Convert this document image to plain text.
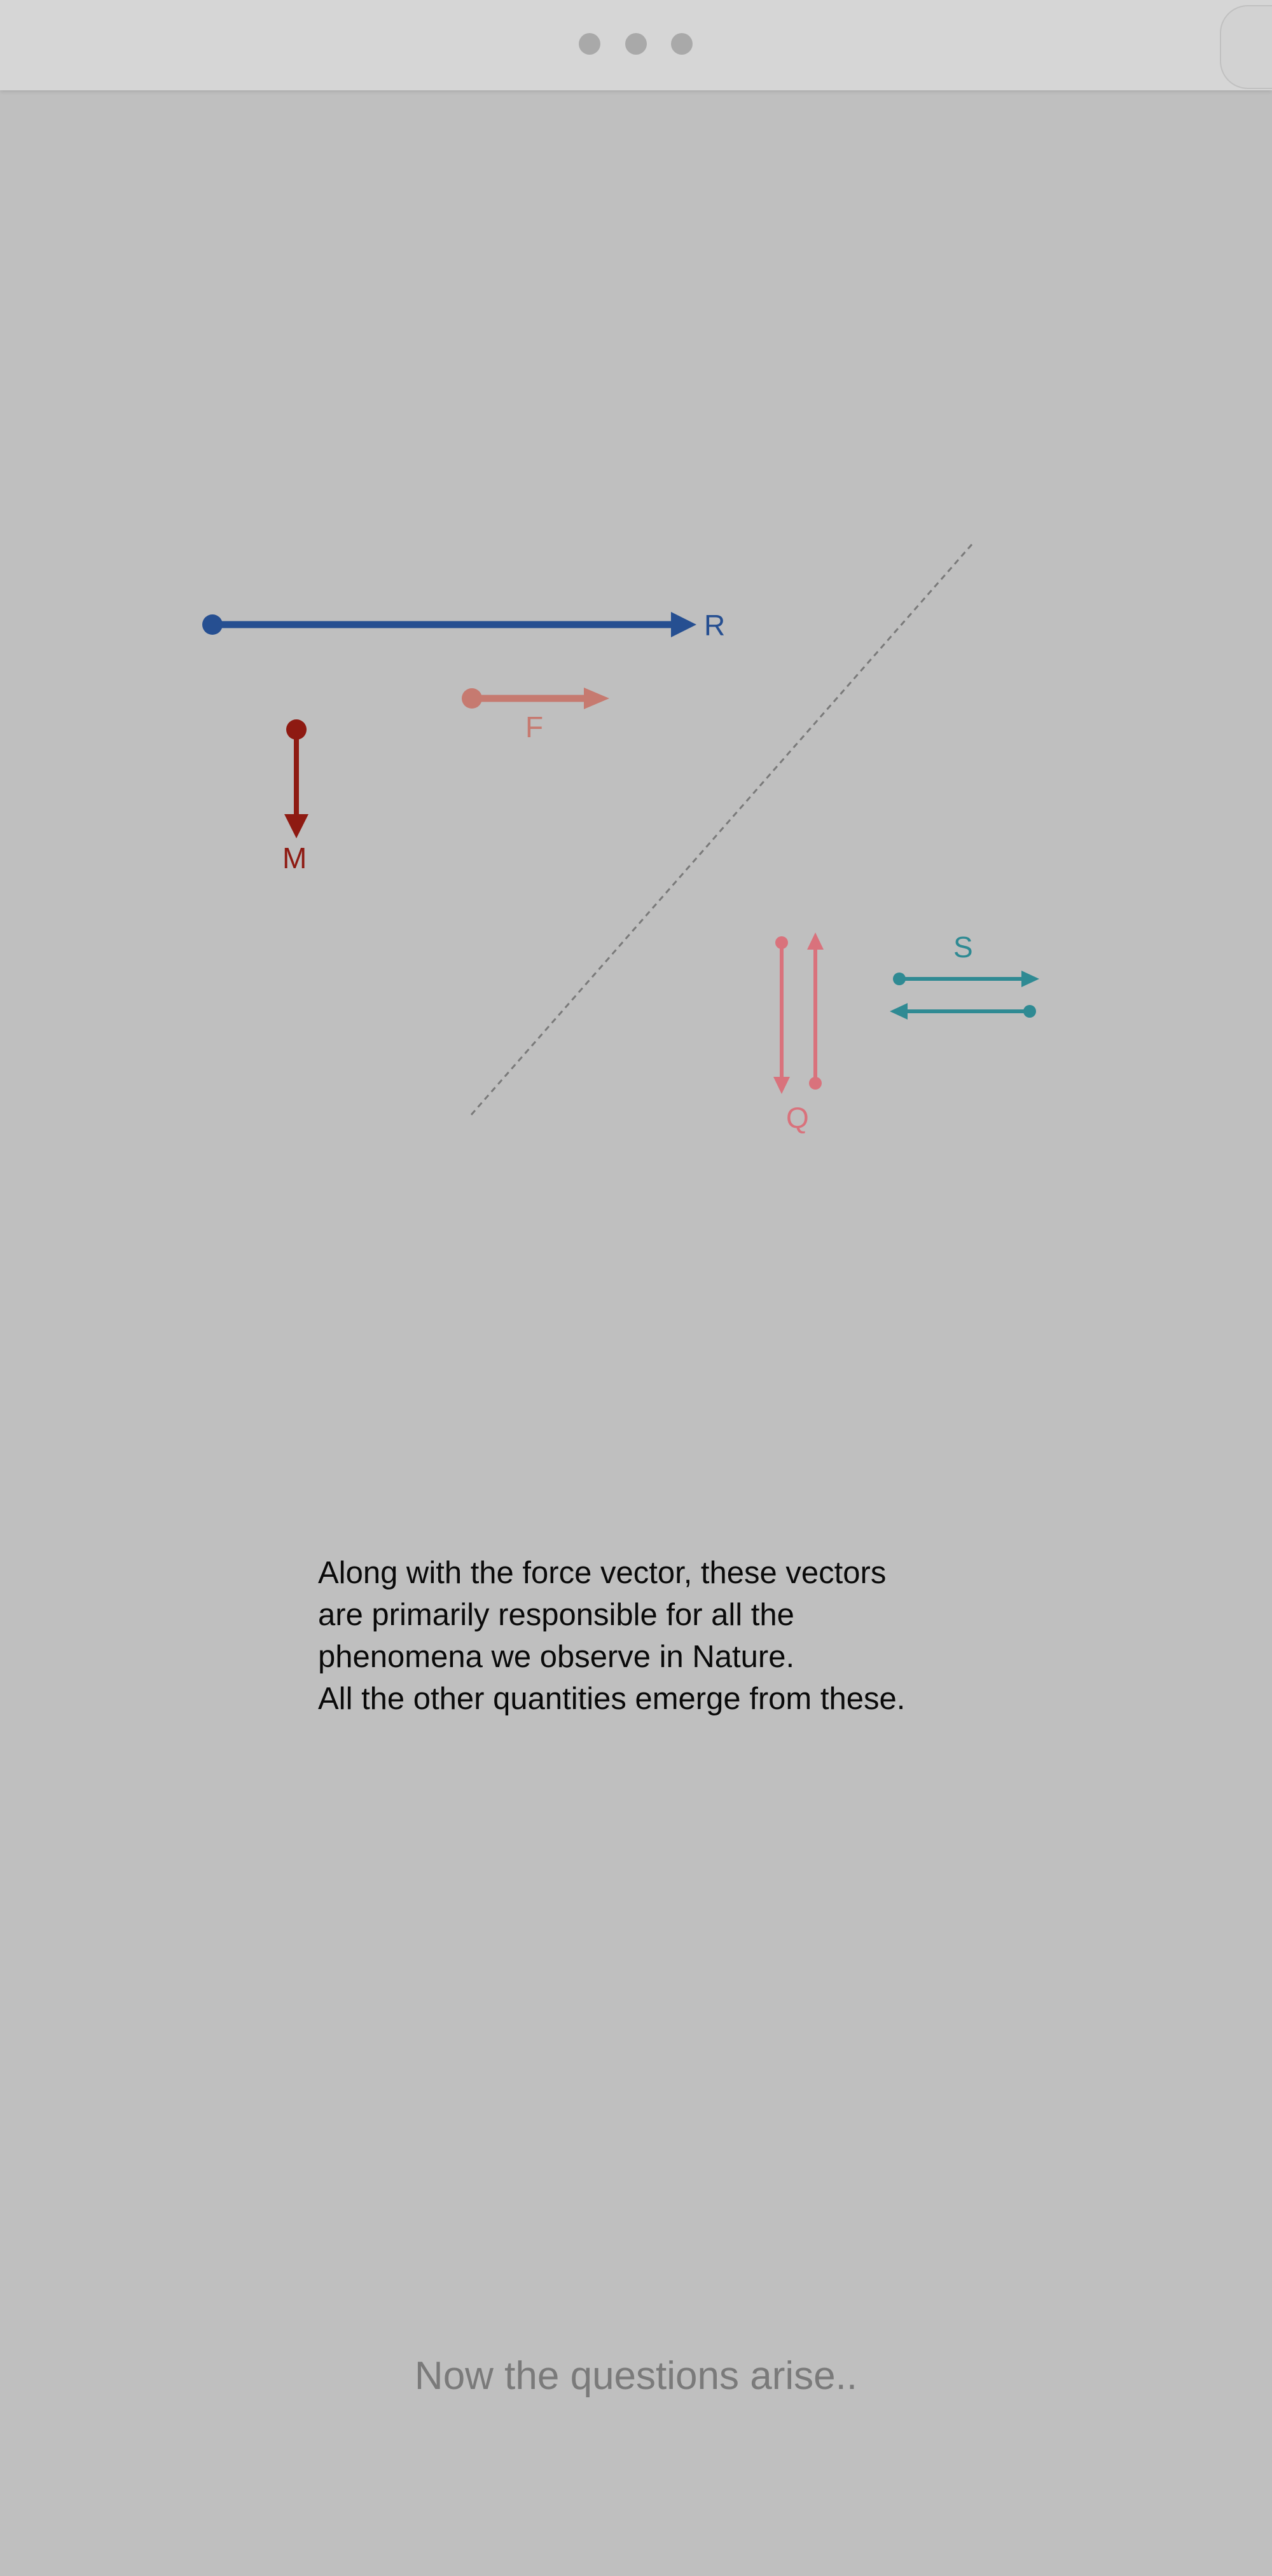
R
F
M
Q
S

Along with the force vector, these vectors
are primarily responsible for all the
phenomena we observe in Nature.
All the other quantities emerge from these.

Now the questions arise..
